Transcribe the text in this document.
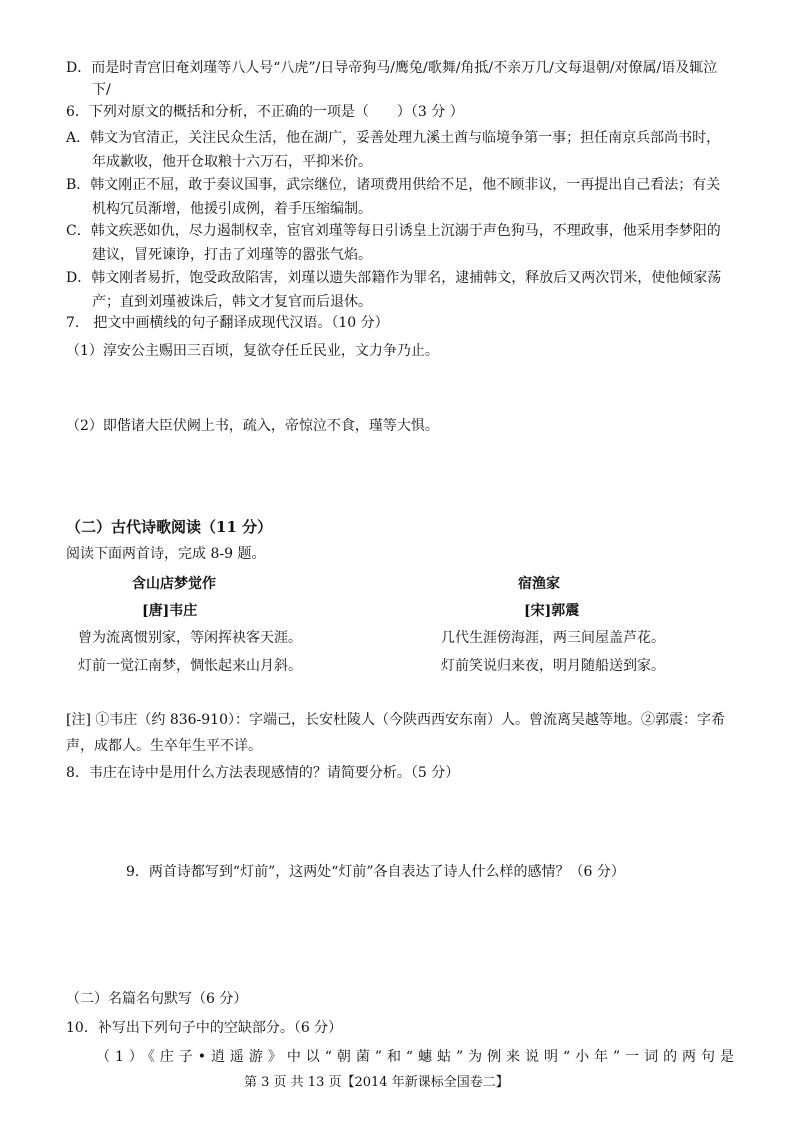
D．而是时青宫旧奄刘瑾等八人号“八虎”/日导帝狗马/鹰兔/歌舞/角抵/不亲万几/文每退朝/对僚属/语及辄泣
下/
6．下列对原文的概括和分析，不正确的一项是（　　）（3 分 ）
A．韩文为官清正，关注民众生活，他在湖广，妥善处理九溪土酋与临境争第一事；担任南京兵部尚书时，
年成歉收，他开仓取粮十六万石，平抑米价。
B．韩文刚正不屈，敢于奏议国事，武宗继位，诸项费用供给不足，他不顾非议，一再提出自己看法；有关
机构冗员渐增，他援引成例，着手压缩编制。
C．韩文疾恶如仇，尽力遏制权幸，宦官刘瑾等每日引诱皇上沉溺于声色狗马，不理政事，他采用李梦阳的
建议，冒死谏诤，打击了刘瑾等的嚣张气焰。
D．韩文刚者易折，饱受政敌陷害，刘瑾以遗失部籍作为罪名，逮捕韩文，释放后又两次罚米，使他倾家荡
产；直到刘瑾被诛后，韩文才复官而后退休。
7.　把文中画横线的句子翻译成现代汉语。（10 分）
（1）淳安公主赐田三百顷，复欲夺任丘民业，文力争乃止。
（2）即偕诸大臣伏阙上书，疏入，帝惊泣不食，瑾等大惧。
（二）古代诗歌阅读（11 分）
阅读下面两首诗，完成 8-9 题。
含山店梦觉作
[唐]韦庄
曾为流离惯别家，等闲挥袂客天涯。
灯前一觉江南梦，惆怅起来山月斜。
宿渔家
[宋]郭震
几代生涯傍海涯，两三间屋盖芦花。
灯前笑说归来夜，明月随船送到家。
[注] ①韦庄（约 836-910）：字端己，长安杜陵人（今陕西西安东南）人。曾流离吴越等地。②郭震：字希
声，成都人。生卒年生平不详。
8．韦庄在诗中是用什么方法表现感情的？请简要分析。（5 分）
9．两首诗都写到“灯前”，这两处“灯前”各自表达了诗人什么样的感情？（6 分）
（二）名篇名句默写（6 分）
10．补写出下列句子中的空缺部分。（6 分）
（1）《庄子•逍遥游》中以“朝菌”和“蟪蛄”为例来说明“小年”一词的两句是
第 3 页 共 13 页【2014 年新课标全国卷二】
